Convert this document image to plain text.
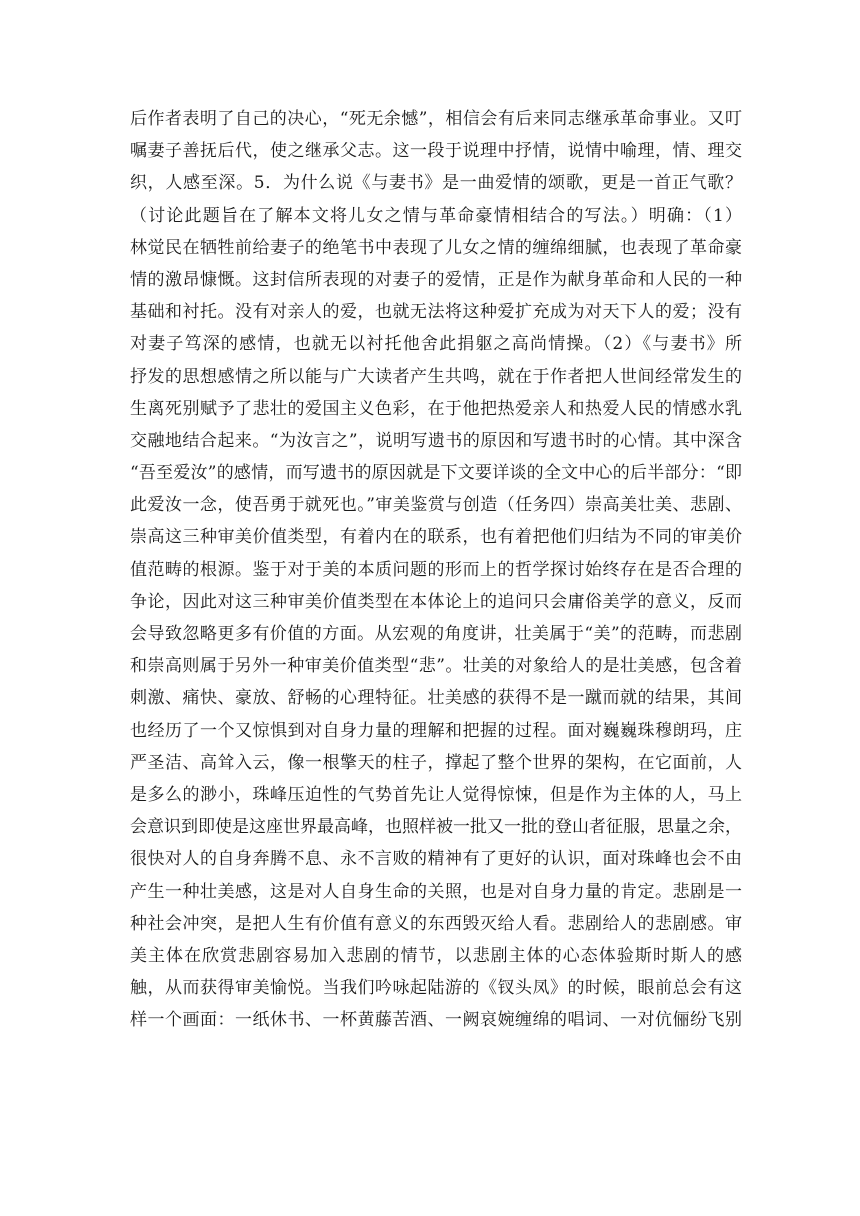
后作者表明了自己的决心，“死无余憾”，相信会有后来同志继承革命事业。又叮
嘱妻子善抚后代，使之继承父志。这一段于说理中抒情，说情中喻理，情、理交
织，人感至深。5．为什么说《与妻书》是一曲爱情的颂歌，更是一首正气歌？
（讨论此题旨在了解本文将儿女之情与革命豪情相结合的写法。）明确：（1）
林觉民在牺牲前给妻子的绝笔书中表现了儿女之情的缠绵细腻，也表现了革命豪
情的激昂慷慨。这封信所表现的对妻子的爱情，正是作为献身革命和人民的一种
基础和衬托。没有对亲人的爱，也就无法将这种爱扩充成为对天下人的爱；没有
对妻子笃深的感情，也就无以衬托他舍此捐躯之高尚情操。（2）《与妻书》所
抒发的思想感情之所以能与广大读者产生共鸣，就在于作者把人世间经常发生的
生离死别赋予了悲壮的爱国主义色彩，在于他把热爱亲人和热爱人民的情感水乳
交融地结合起来。“为汝言之”，说明写遗书的原因和写遗书时的心情。其中深含
“吾至爱汝”的感情，而写遗书的原因就是下文要详谈的全文中心的后半部分：“即
此爱汝一念，使吾勇于就死也。”审美鉴赏与创造（任务四）崇高美壮美、悲剧、
崇高这三种审美价值类型，有着内在的联系，也有着把他们归结为不同的审美价
值范畴的根源。鉴于对于美的本质问题的形而上的哲学探讨始终存在是否合理的
争论，因此对这三种审美价值类型在本体论上的追问只会庸俗美学的意义，反而
会导致忽略更多有价值的方面。从宏观的角度讲，壮美属于“美”的范畴，而悲剧
和崇高则属于另外一种审美价值类型“悲”。壮美的对象给人的是壮美感，包含着
刺激、痛快、豪放、舒畅的心理特征。壮美感的获得不是一蹴而就的结果，其间
也经历了一个又惊惧到对自身力量的理解和把握的过程。面对巍巍珠穆朗玛，庄
严圣洁、高耸入云，像一根擎天的柱子，撑起了整个世界的架构，在它面前，人
是多么的渺小，珠峰压迫性的气势首先让人觉得惊悚，但是作为主体的人，马上
会意识到即使是这座世界最高峰，也照样被一批又一批的登山者征服，思量之余，
很快对人的自身奔腾不息、永不言败的精神有了更好的认识，面对珠峰也会不由
产生一种壮美感，这是对人自身生命的关照，也是对自身力量的肯定。悲剧是一
种社会冲突，是把人生有价值有意义的东西毁灭给人看。悲剧给人的悲剧感。审
美主体在欣赏悲剧容易加入悲剧的情节，以悲剧主体的心态体验斯时斯人的感
触，从而获得审美愉悦。当我们吟咏起陆游的《钗头凤》的时候，眼前总会有这
样一个画面：一纸休书、一杯黄藤苦酒、一阙哀婉缠绵的唱词、一对伉俪纷飞别
